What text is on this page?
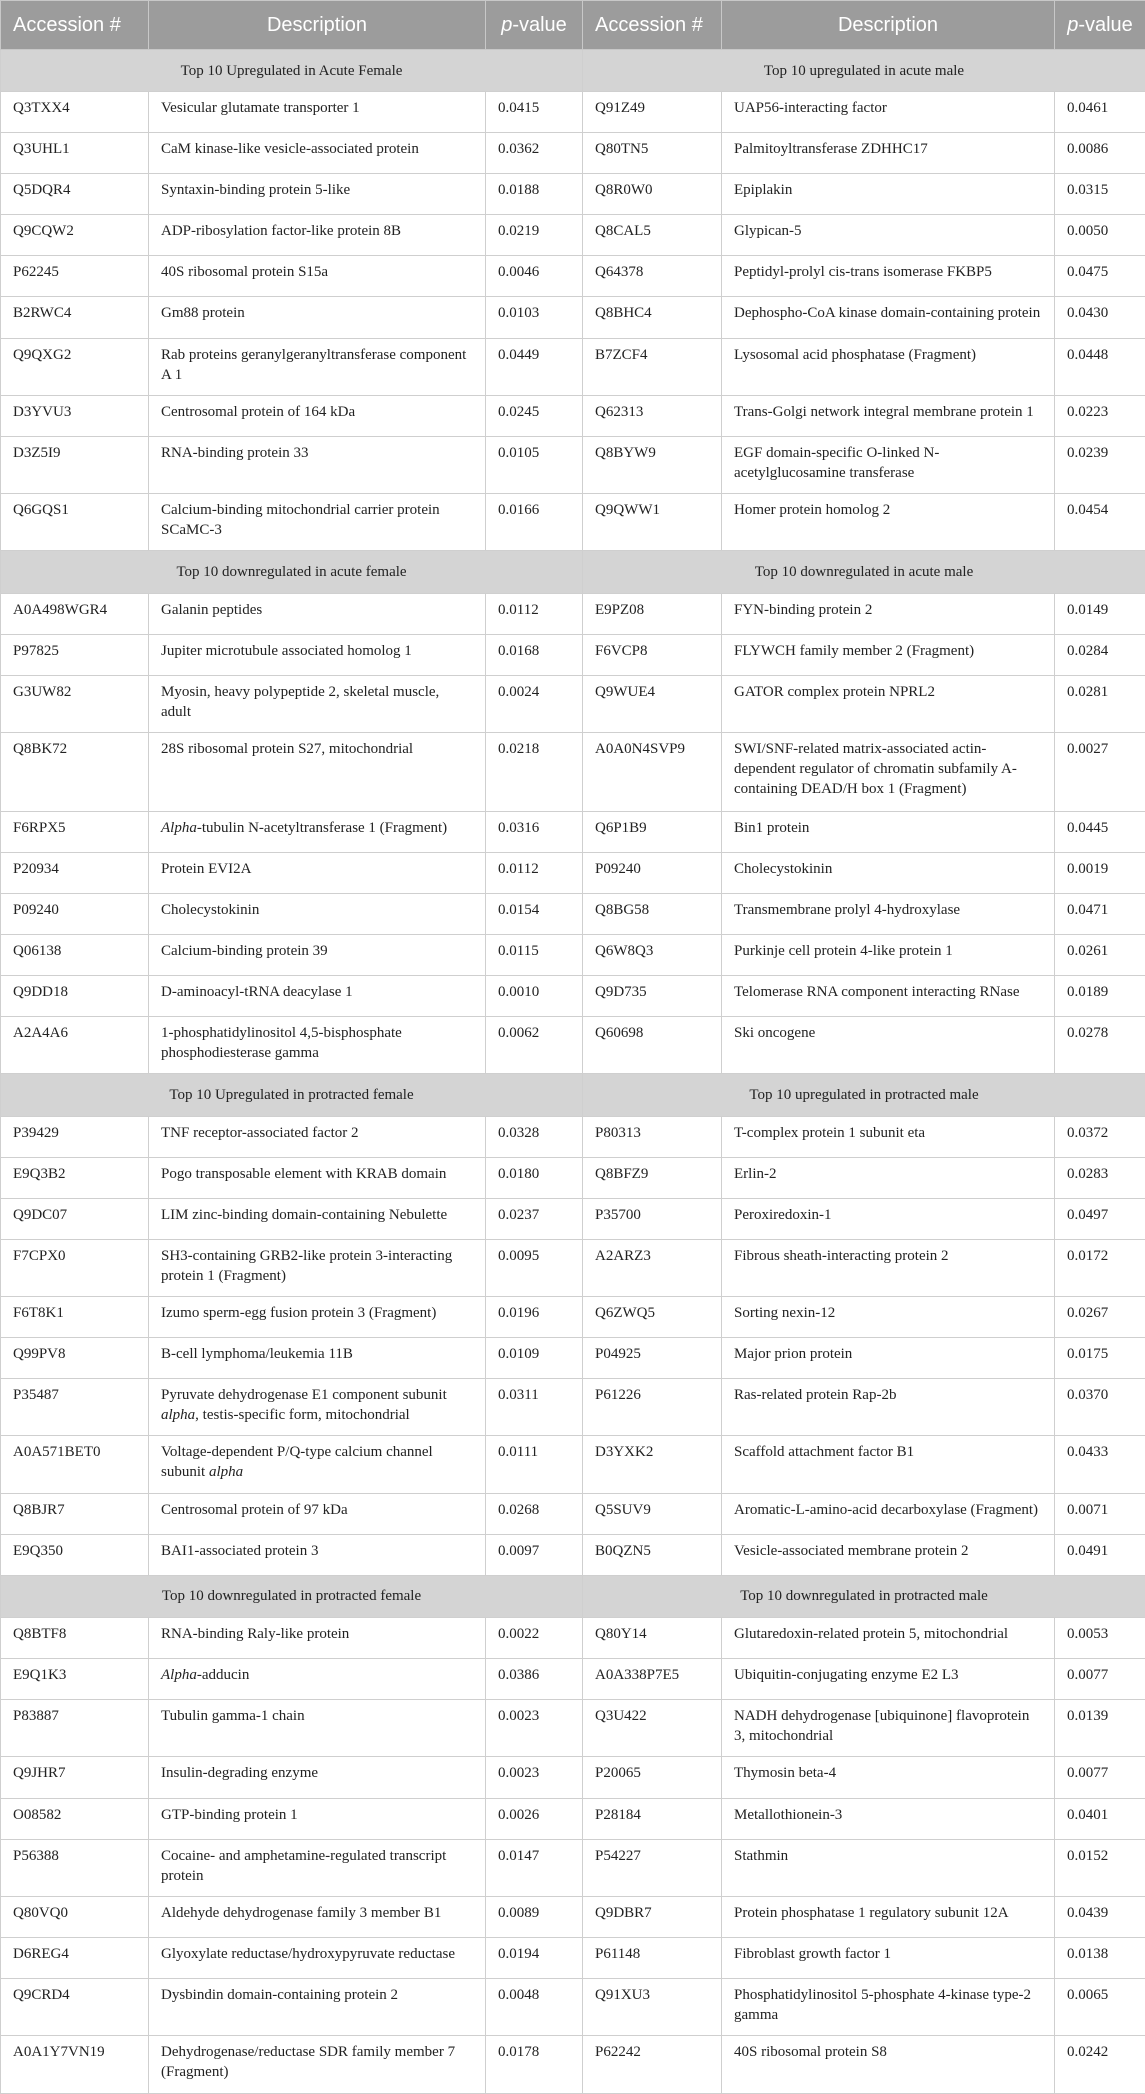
Accession #	Description	p-value	Accession #	Description	p-value
Top 10 Upregulated in Acute Female			Top 10 upregulated in acute male		
Q3TXX4	Vesicular glutamate transporter 1	0.0415	Q91Z49	UAP56-interacting factor	0.0461
Q3UHL1	CaM kinase-like vesicle-associated protein	0.0362	Q80TN5	Palmitoyltransferase ZDHHC17	0.0086
Q5DQR4	Syntaxin-binding protein 5-like	0.0188	Q8R0W0	Epiplakin	0.0315
Q9CQW2	ADP-ribosylation factor-like protein 8B	0.0219	Q8CAL5	Glypican-5	0.0050
P62245	40S ribosomal protein S15a	0.0046	Q64378	Peptidyl-prolyl cis-trans isomerase FKBP5	0.0475
B2RWC4	Gm88 protein	0.0103	Q8BHC4	Dephospho-CoA kinase domain-containing protein	0.0430
Q9QXG2	Rab proteins geranylgeranyltransferase component A 1	0.0449	B7ZCF4	Lysosomal acid phosphatase (Fragment)	0.0448
D3YVU3	Centrosomal protein of 164 kDa	0.0245	Q62313	Trans-Golgi network integral membrane protein 1	0.0223
D3Z5I9	RNA-binding protein 33	0.0105	Q8BYW9	EGF domain-specific O-linked N-acetylglucosamine transferase	0.0239
Q6GQS1	Calcium-binding mitochondrial carrier protein SCaMC-3	0.0166	Q9QWW1	Homer protein homolog 2	0.0454
Top 10 downregulated in acute female			Top 10 downregulated in acute male		
A0A498WGR4	Galanin peptides	0.0112	E9PZ08	FYN-binding protein 2	0.0149
P97825	Jupiter microtubule associated homolog 1	0.0168	F6VCP8	FLYWCH family member 2 (Fragment)	0.0284
G3UW82	Myosin, heavy polypeptide 2, skeletal muscle, adult	0.0024	Q9WUE4	GATOR complex protein NPRL2	0.0281
Q8BK72	28S ribosomal protein S27, mitochondrial	0.0218	A0A0N4SVP9	SWI/SNF-related matrix-associated actin-dependent regulator of chromatin subfamily A-containing DEAD/H box 1 (Fragment)	0.0027
F6RPX5	Alpha-tubulin N-acetyltransferase 1 (Fragment)	0.0316	Q6P1B9	Bin1 protein	0.0445
P20934	Protein EVI2A	0.0112	P09240	Cholecystokinin	0.0019
P09240	Cholecystokinin	0.0154	Q8BG58	Transmembrane prolyl 4-hydroxylase	0.0471
Q06138	Calcium-binding protein 39	0.0115	Q6W8Q3	Purkinje cell protein 4-like protein 1	0.0261
Q9DD18	D-aminoacyl-tRNA deacylase 1	0.0010	Q9D735	Telomerase RNA component interacting RNase	0.0189
A2A4A6	1-phosphatidylinositol 4,5-bisphosphate phosphodiesterase gamma	0.0062	Q60698	Ski oncogene	0.0278
Top 10 Upregulated in protracted female			Top 10 upregulated in protracted male		
P39429	TNF receptor-associated factor 2	0.0328	P80313	T-complex protein 1 subunit eta	0.0372
E9Q3B2	Pogo transposable element with KRAB domain	0.0180	Q8BFZ9	Erlin-2	0.0283
Q9DC07	LIM zinc-binding domain-containing Nebulette	0.0237	P35700	Peroxiredoxin-1	0.0497
F7CPX0	SH3-containing GRB2-like protein 3-interacting protein 1 (Fragment)	0.0095	A2ARZ3	Fibrous sheath-interacting protein 2	0.0172
F6T8K1	Izumo sperm-egg fusion protein 3 (Fragment)	0.0196	Q6ZWQ5	Sorting nexin-12	0.0267
Q99PV8	B-cell lymphoma/leukemia 11B	0.0109	P04925	Major prion protein	0.0175
P35487	Pyruvate dehydrogenase E1 component subunit alpha, testis-specific form, mitochondrial	0.0311	P61226	Ras-related protein Rap-2b	0.0370
A0A571BET0	Voltage-dependent P/Q-type calcium channel subunit alpha	0.0111	D3YXK2	Scaffold attachment factor B1	0.0433
Q8BJR7	Centrosomal protein of 97 kDa	0.0268	Q5SUV9	Aromatic-L-amino-acid decarboxylase (Fragment)	0.0071
E9Q350	BAI1-associated protein 3	0.0097	B0QZN5	Vesicle-associated membrane protein 2	0.0491
Top 10 downregulated in protracted female			Top 10 downregulated in protracted male		
Q8BTF8	RNA-binding Raly-like protein	0.0022	Q80Y14	Glutaredoxin-related protein 5, mitochondrial	0.0053
E9Q1K3	Alpha-adducin	0.0386	A0A338P7E5	Ubiquitin-conjugating enzyme E2 L3	0.0077
P83887	Tubulin gamma-1 chain	0.0023	Q3U422	NADH dehydrogenase [ubiquinone] flavoprotein 3, mitochondrial	0.0139
Q9JHR7	Insulin-degrading enzyme	0.0023	P20065	Thymosin beta-4	0.0077
O08582	GTP-binding protein 1	0.0026	P28184	Metallothionein-3	0.0401
P56388	Cocaine- and amphetamine-regulated transcript protein	0.0147	P54227	Stathmin	0.0152
Q80VQ0	Aldehyde dehydrogenase family 3 member B1	0.0089	Q9DBR7	Protein phosphatase 1 regulatory subunit 12A	0.0439
D6REG4	Glyoxylate reductase/hydroxypyruvate reductase	0.0194	P61148	Fibroblast growth factor 1	0.0138
Q9CRD4	Dysbindin domain-containing protein 2	0.0048	Q91XU3	Phosphatidylinositol 5-phosphate 4-kinase type-2 gamma	0.0065
A0A1Y7VN19	Dehydrogenase/reductase SDR family member 7 (Fragment)	0.0178	P62242	40S ribosomal protein S8	0.0242
